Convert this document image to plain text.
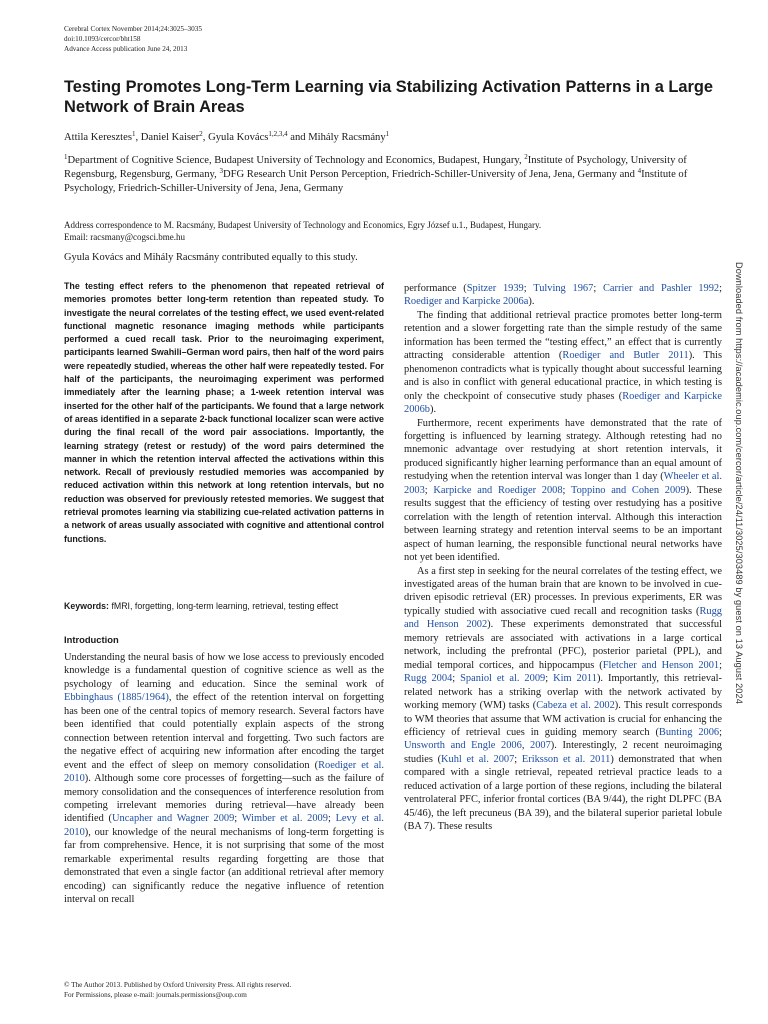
Cerebral Cortex November 2014;24:3025–3035
doi:10.1093/cercor/bht158
Advance Access publication June 24, 2013
Testing Promotes Long-Term Learning via Stabilizing Activation Patterns in a Large Network of Brain Areas
Attila Keresztes$^1$, Daniel Kaiser$^2$, Gyula Kovács$^{1,2,3,4}$ and Mihály Racsmány$^1$
$^1$Department of Cognitive Science, Budapest University of Technology and Economics, Budapest, Hungary, $^2$Institute of Psychology, University of Regensburg, Regensburg, Germany, $^3$DFG Research Unit Person Perception, Friedrich-Schiller-University of Jena, Jena, Germany and $^4$Institute of Psychology, Friedrich-Schiller-University of Jena, Jena, Germany
Address correspondence to M. Racsmány, Budapest University of Technology and Economics, Egry József u.1., Budapest, Hungary.
Email: racsmany@cogsci.bme.hu
Gyula Kovács and Mihály Racsmány contributed equally to this study.

The testing effect refers to the phenomenon that repeated retrieval of memories promotes better long-term retention than repeated study. To investigate the neural correlates of the testing effect, we used event-related functional magnetic resonance imaging methods while participants performed a cued recall task. Prior to the neuroimaging experiment, participants learned Swahili–German word pairs, then half of the word pairs were repeatedly studied, whereas the other half were repeatedly tested. For half of the participants, the neuroimaging experiment was performed immediately after the learning phase; a 1-week retention interval was inserted for the other half of the participants. We found that a large network of areas identified in a separate 2-back functional localizer scan were active during the final recall of the word pair associations. Importantly, the learning strategy (retest or restudy) of the word pairs determined the manner in which the retention interval affected the activations within this network. Recall of previously restudied memories was accompanied by reduced activation within this network at long retention intervals, but no reduction was observed for previously retested memories. We suggest that retrieval promotes learning via stabilizing cue-related activation patterns in a network of areas usually associated with cognitive and attentional control functions.

Keywords: fMRI, forgetting, long-term learning, retrieval, testing effect
Introduction

Understanding the neural basis of how we lose access to previously encoded knowledge is a fundamental question of cognitive science as well as the psychology of learning and education. Since the seminal work of Ebbinghaus (1885/1964), the effect of the retention interval on forgetting has been one of the central topics of memory research. Several factors have been identified that could potentially explain aspects of the strong connection between retention interval and forgetting. Two such factors are the negative effect of acquiring new information after encoding the target event and the effect of sleep on memory consolidation (Roediger et al. 2010). Although some core processes of forgetting—such as the failure of memory consolidation and the consequences of interference resolution from competing irrelevant memories during retrieval—have already been identified (Uncapher and Wagner 2009; Wimber et al. 2009; Levy et al. 2010), our knowledge of the neural mechanisms of long-term forgetting is far from comprehensive. Hence, it is not surprising that some of the most remarkable experimental results regarding forgetting are those that demonstrated that even a single factor (an additional retrieval after memory encoding) can significantly reduce the negative influence of retention interval on recall

performance (Spitzer 1939; Tulving 1967; Carrier and Pashler 1992; Roediger and Karpicke 2006a).

The finding that additional retrieval practice promotes better long-term retention and a slower forgetting rate than the simple restudy of the same information has been termed the “testing effect,” an effect that is currently attracting considerable attention (Roediger and Butler 2011). This phenomenon contradicts what is typically thought about successful learning and is also in conflict with general educational practice, in which testing is only the checkpoint of consecutive study phases (Roediger and Karpicke 2006b).

Furthermore, recent experiments have demonstrated that the rate of forgetting is influenced by learning strategy. Although retesting had no mnemonic advantage over restudying at short retention intervals, it produced significantly higher learning performance than an equal amount of restudying when the retention interval was longer than 1 day (Wheeler et al. 2003; Karpicke and Roediger 2008; Toppino and Cohen 2009). These results suggest that the efficiency of testing over restudying has a positive correlation with the length of retention interval. Although this interaction between learning strategy and retention interval seems to be an important aspect of human learning, the responsible functional neural networks have not yet been identified.

As a first step in seeking for the neural correlates of the testing effect, we investigated areas of the human brain that are known to be involved in cue-driven episodic retrieval (ER) processes. In previous experiments, ER was typically studied with associative cued recall and recognition tasks (Rugg and Henson 2002). These experiments demonstrated that successful memory retrievals are associated with activations in a large cortical network, including the prefrontal (PFC), posterior parietal (PPL), and medial temporal cortices, and hippocampus (Fletcher and Henson 2001; Rugg 2004; Spaniol et al. 2009; Kim 2011). Importantly, this retrieval-related network has a striking overlap with the network activated by working memory (WM) tasks (Cabeza et al. 2002). This result corresponds to WM theories that assume that WM activation is crucial for enhancing the efficiency of retrieval cues in guiding memory search (Bunting 2006; Unsworth and Engle 2006, 2007). Interestingly, 2 recent neuroimaging studies (Kuhl et al. 2007; Eriksson et al. 2011) demonstrated that when compared with a single retrieval, repeated retrieval practice leads to a reduced activation of a large portion of these regions, including the bilateral ventrolateral PFC, inferior frontal cortices (BA 9/44), the right DLPFC (BA 45/46), the left precuneus (BA 39), and the bilateral superior parietal lobule (BA 7). These results

© The Author 2013. Published by Oxford University Press. All rights reserved.
For Permissions, please e-mail: journals.permissions@oup.com
Downloaded from https://academic.oup.com/cercor/article/24/11/3025/303489 by guest on 13 August 2024
